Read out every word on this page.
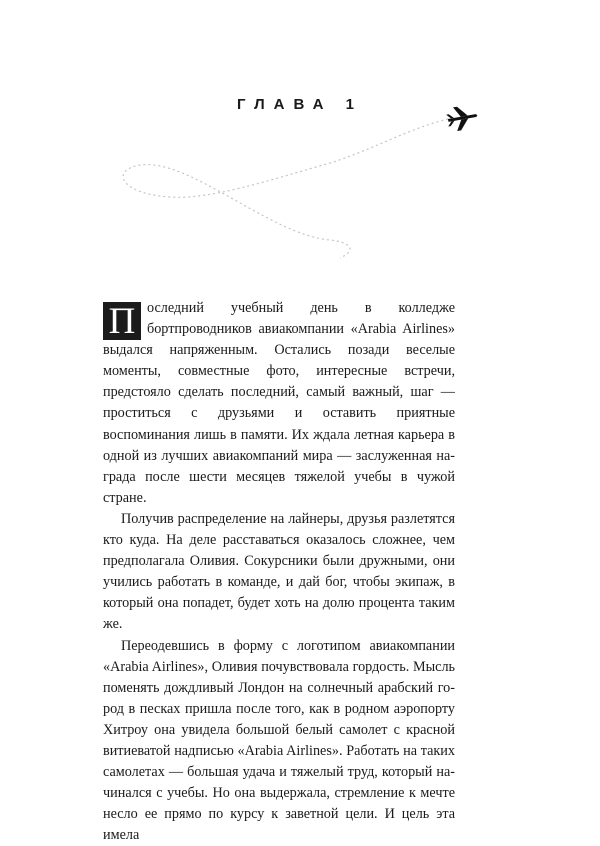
ГЛАВА 1

П оследний учебный день в колледже бортпроводников авиакомпании «Arabia Airlines» выдался напряженным. Остались позади веселые моменты, совместные фото, интересные встречи, предстояло сделать последний, самый важный, шаг — проститься с друзьями и оставить приятные воспоминания лишь в памяти. Их ждала летная карьера в одной из лучших авиакомпаний мира — заслуженная награда после шести месяцев тяжелой учебы в чужой стране.

Получив распределение на лайнеры, друзья разлетятся кто куда. На деле расставаться оказалось сложнее, чем предполагала Оливия. Сокурсники были дружными, они учились работать в команде, и дай бог, чтобы экипаж, в который она попадет, будет хоть на долю процента таким же.

Переодевшись в форму с логотипом авиакомпании «Arabia Airlines», Оливия почувствовала гордость. Мысль поменять дождливый Лондон на солнечный арабский город в песках пришла после того, как в родном аэропорту Хитроу она увидела большой белый самолет с красной витиеватой надписью «Arabia Airlines». Работать на таких самолетах — большая удача и тяжелый труд, который начинался с учебы. Но она выдержала, стремление к мечте несло ее прямо по курсу к заветной цели. И цель эта имела
